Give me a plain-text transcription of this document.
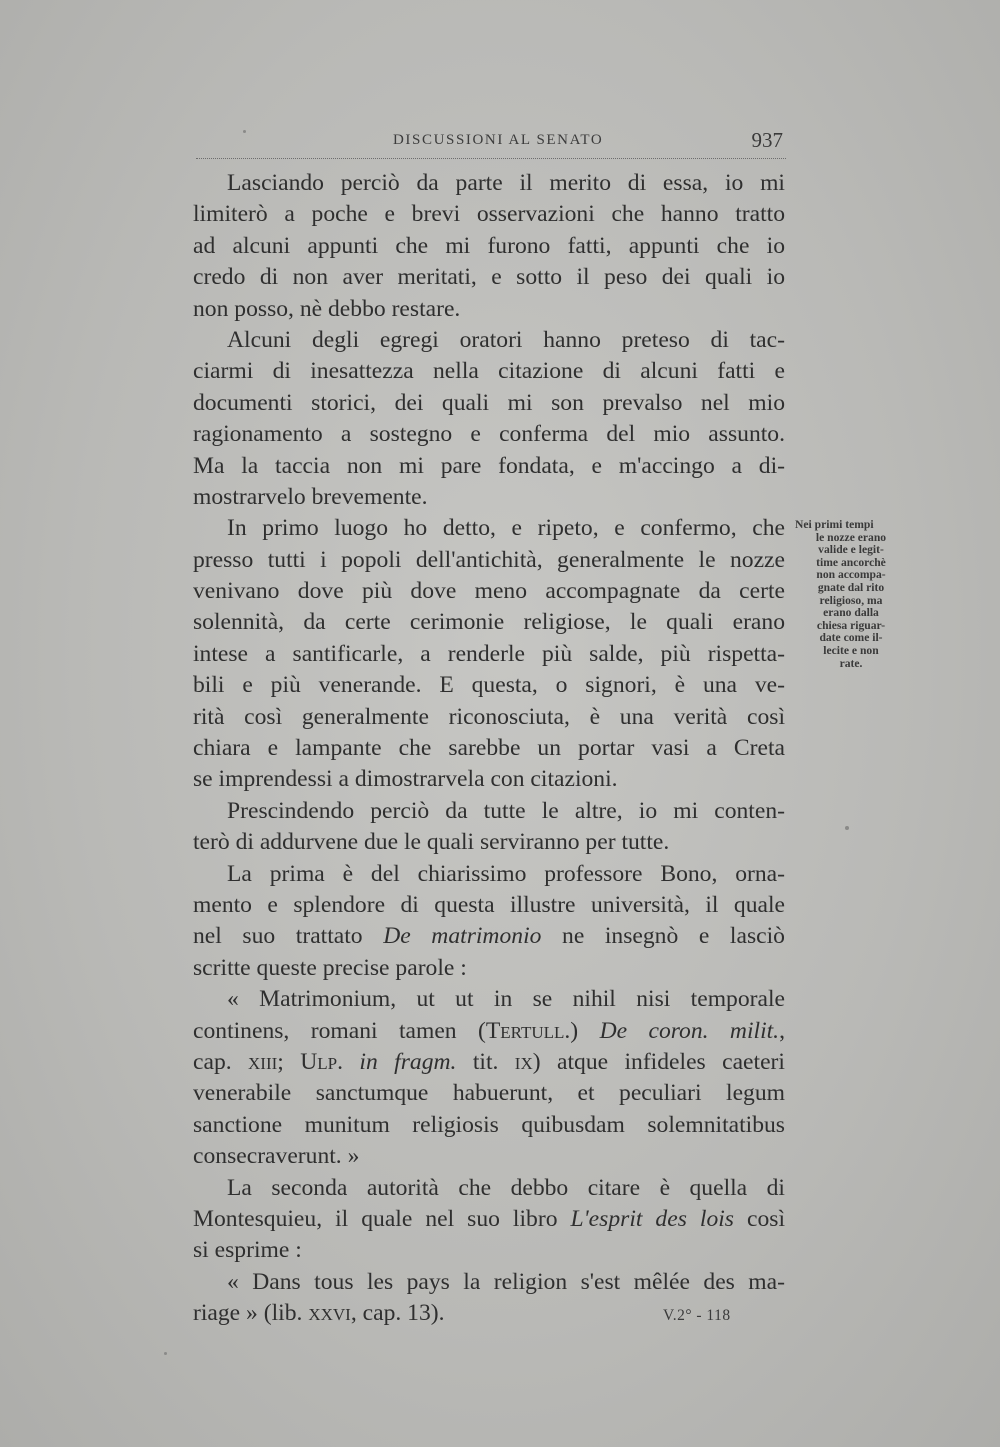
DISCUSSIONI AL SENATO	937
Lasciando perciò da parte il merito di essa, io mi
limiterò a poche e brevi osservazioni che hanno tratto
ad alcuni appunti che mi furono fatti, appunti che io
credo di non aver meritati, e sotto il peso dei quali io
non posso, nè debbo restare.
Alcuni degli egregi oratori hanno preteso di tac-
ciarmi di inesattezza nella citazione di alcuni fatti e
documenti storici, dei quali mi son prevalso nel mio
ragionamento a sostegno e conferma del mio assunto.
Ma la taccia non mi pare fondata, e m'accingo a di-
mostrarvelo brevemente.
In primo luogo ho detto, e ripeto, e confermo, che
presso tutti i popoli dell'antichità, generalmente le nozze
venivano dove più dove meno accompagnate da certe
solennità, da certe cerimonie religiose, le quali erano
intese a santificarle, a renderle più salde, più rispetta-
bili e più venerande. E questa, o signori, è una ve-
rità così generalmente riconosciuta, è una verità così
chiara e lampante che sarebbe un portar vasi a Creta
se imprendessi a dimostrarvela con citazioni.
Prescindendo perciò da tutte le altre, io mi conten-
terò di addurvene due le quali serviranno per tutte.
La prima è del chiarissimo professore Bono, orna-
mento e splendore di questa illustre università, il quale
nel suo trattato De matrimonio ne insegnò e lasciò
scritte queste precise parole :
« Matrimonium, ut ut in se nihil nisi temporale
continens, romani tamen (Tertull.) De coron. milit.,
cap. xiii; Ulp. in fragm. tit. ix) atque infideles caeteri
venerabile sanctumque habuerunt, et peculiari legum
sanctione munitum religiosis quibusdam solemnitatibus
consecraverunt. »
La seconda autorità che debbo citare è quella di
Montesquieu, il quale nel suo libro L'esprit des lois così
si esprime :
« Dans tous les pays la religion s'est mêlée des ma-
riage » (lib. xxvi, cap. 13).
Nei primi tempi
le nozze erano
valide e legit-
time ancorchè
non accompa-
gnate dal rito
religioso, ma
erano dalla
chiesa riguar-
date come il-
lecite e non
rate.
V.2° - 118
